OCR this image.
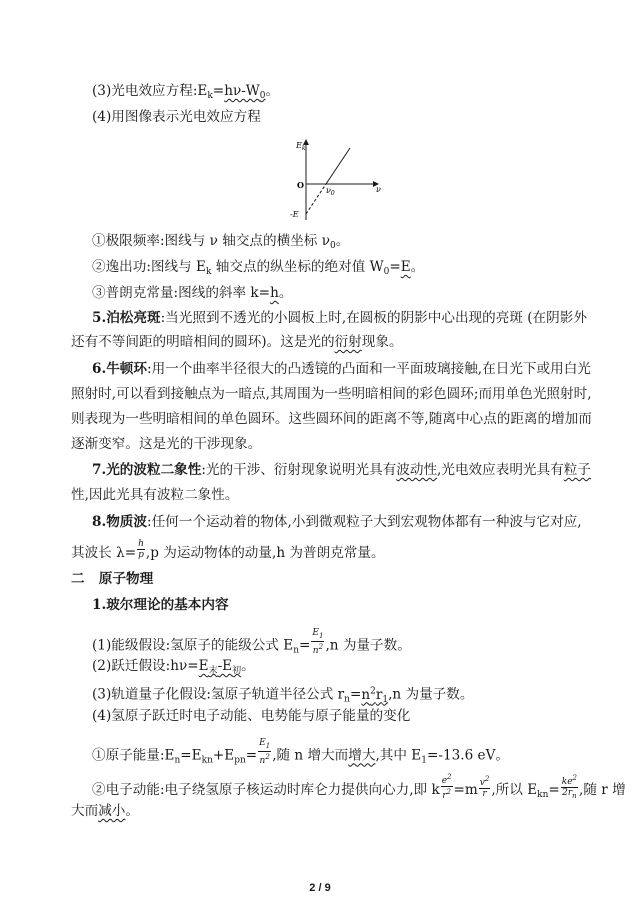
(3)光电效应方程$:E_k=h\nu-W_0$。
(4)用图像表示光电效应方程
$E_k$
O	ν
$\nu_0$
-E
①极限频率:图线与 ν 轴交点的横坐标 $\nu_0$。
②逸出功:图线与 $E_k$ 轴交点的纵坐标的绝对值 $W_0=E$。
③普朗克常量:图线的斜率 k=h。
5.泊松亮斑:当光照到不透光的小圆板上时,在圆板的阴影中心出现的亮斑 (在阴影外
还有不等间距的明暗相间的圆环)。这是光的衍射现象。
6.牛顿环:用一个曲率半径很大的凸透镜的凸面和一平面玻璃接触,在日光下或用白光
照射时,可以看到接触点为一暗点,其周围为一些明暗相间的彩色圆环;而用单色光照射时,
则表现为一些明暗相间的单色圆环。这些圆环间的距离不等,随离中心点的距离的增加而
逐渐变窄。这是光的干涉现象。
7.光的波粒二象性:光的干涉、衍射现象说明光具有波动性,光电效应表明光具有粒子
性,因此光具有波粒二象性。
8.物质波:任何一个运动着的物体,小到微观粒子大到宏观物体都有一种波与它对应,
其波长 $\lambda= \frac{h}{p} ,p$ 为运动物体的动量,h 为普朗克常量。
二 原子物理
1.玻尔理论的基本内容
(1)能级假设:氢原子的能级公式 $E_n= \frac{E_1}{n^2} ,n$ 为量子数。
(2)跃迁假设$:h\nu=E_末-E_初$。
(3)轨道量子化假设:氢原子轨道半径公式 $r_n=n^2r_1,n$ 为量子数。
(4)氢原子跃迁时电子动能、电势能与原子能量的变化
①原子能量$:E_n=E_{kn}+E_{pn}= \frac{E_1}{n^2}$ ,随 n 增大而增大,其中 $E_1=-13.6$ eV。
②电子动能:电子绕氢原子核运动时库仑力提供向心力,即 k $\frac{e^2}{r^2} =m \frac{v^2}{r}$ ,所以 $E_{kn}= \frac{ke^2}{2r_n}$ ,随 r 增
大而减小。
2 / 9
